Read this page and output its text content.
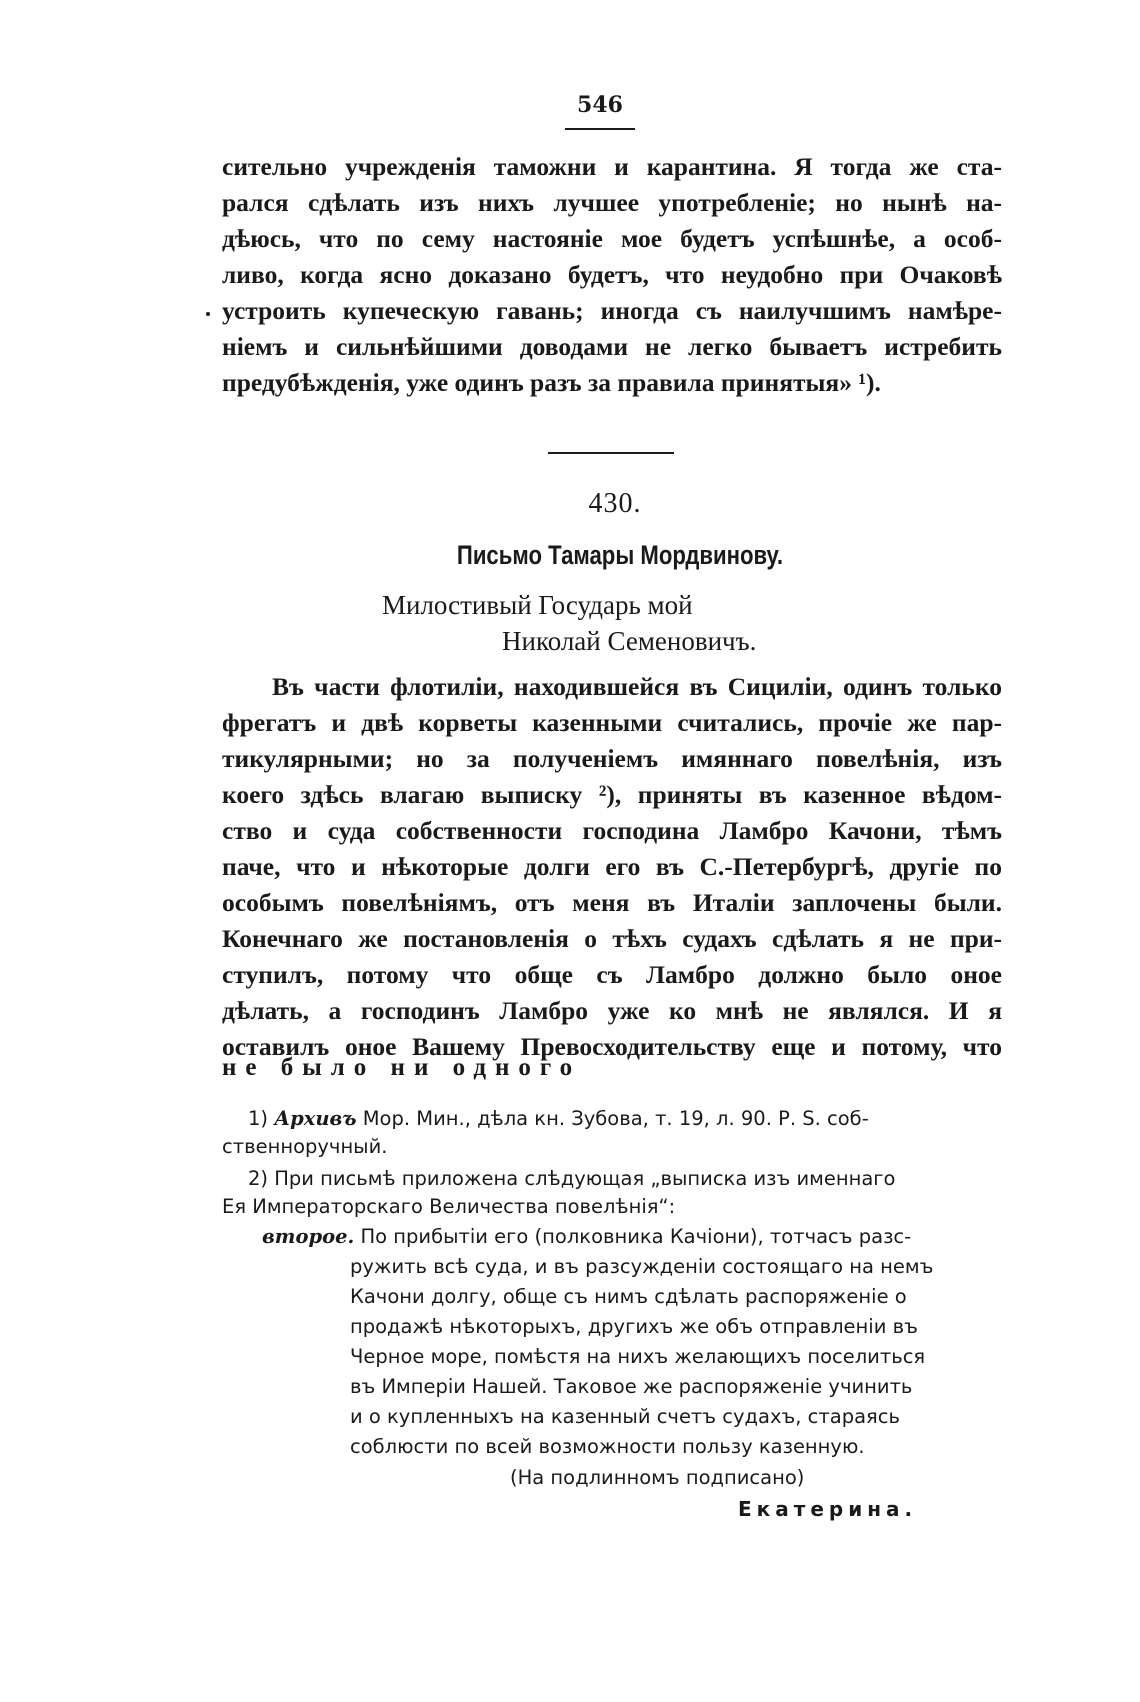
546
сительно учрежденія таможни и карантина. Я тогда же ста-
рался сдѣлать изъ нихъ лучшее употребленіе; но нынѣ на-
дѣюсь, что по сему настояніе мое будетъ успѣшнѣе, а особ-
ливо, когда ясно доказано будетъ, что неудобно при Очаковѣ
устроить купеческую гавань; иногда съ наилучшимъ намѣре-
ніемъ и сильнѣйшими доводами не легко бываетъ истребить
предубѣжденія, уже одинъ разъ за правила принятыя» ¹).
430.
Письмо Тамары Мордвинову.
Милостивый Государь мой
Николай Семеновичъ.
Въ части флотиліи, находившейся въ Сициліи, одинъ только
фрегатъ и двѣ корветы казенными считались, прочіе же пар-
тикулярными; но за полученіемъ имяннаго повелѣнія, изъ
коего здѣсь влагаю выписку ²), приняты въ казенное вѣдом-
ство и суда собственности господина Ламбро Качони, тѣмъ
паче, что и нѣкоторые долги его въ С.-Петербургѣ, другіе по
особымъ повелѣніямъ, отъ меня въ Италіи заплочены были.
Конечнаго же постановленія о тѣхъ судахъ сдѣлать я не при-
ступилъ, потому что обще съ Ламбро должно было оное
дѣлать, а господинъ Ламбро уже ко мнѣ не являлся. И я
оставилъ оное Вашему Превосходительству еще и потому, что
не было ни одного
1) Архивъ Мор. Мин., дѣла кн. Зубова, т. 19, л. 90. Р. S. соб-
ственноручный.
2) При письмѣ приложена слѣдующая „выписка изъ именнаго
Ея Императорскаго Величества повелѣнія“:
второе. По прибытіи его (полковника Качіони), тотчасъ разс-
ружить всѣ суда, и въ разсужденіи состоящаго на немъ
Качони долгу, обще съ нимъ сдѣлать распоряженіе о
продажѣ нѣкоторыхъ, другихъ же объ отправленіи въ
Черное море, помѣстя на нихъ желающихъ поселиться
въ Имперіи Нашей. Таковое же распоряженіе учинить
и о купленныхъ на казенный счетъ судахъ, стараясь
соблюсти по всей возможности пользу казенную.
(На подлинномъ подписано)
Екатерина.
